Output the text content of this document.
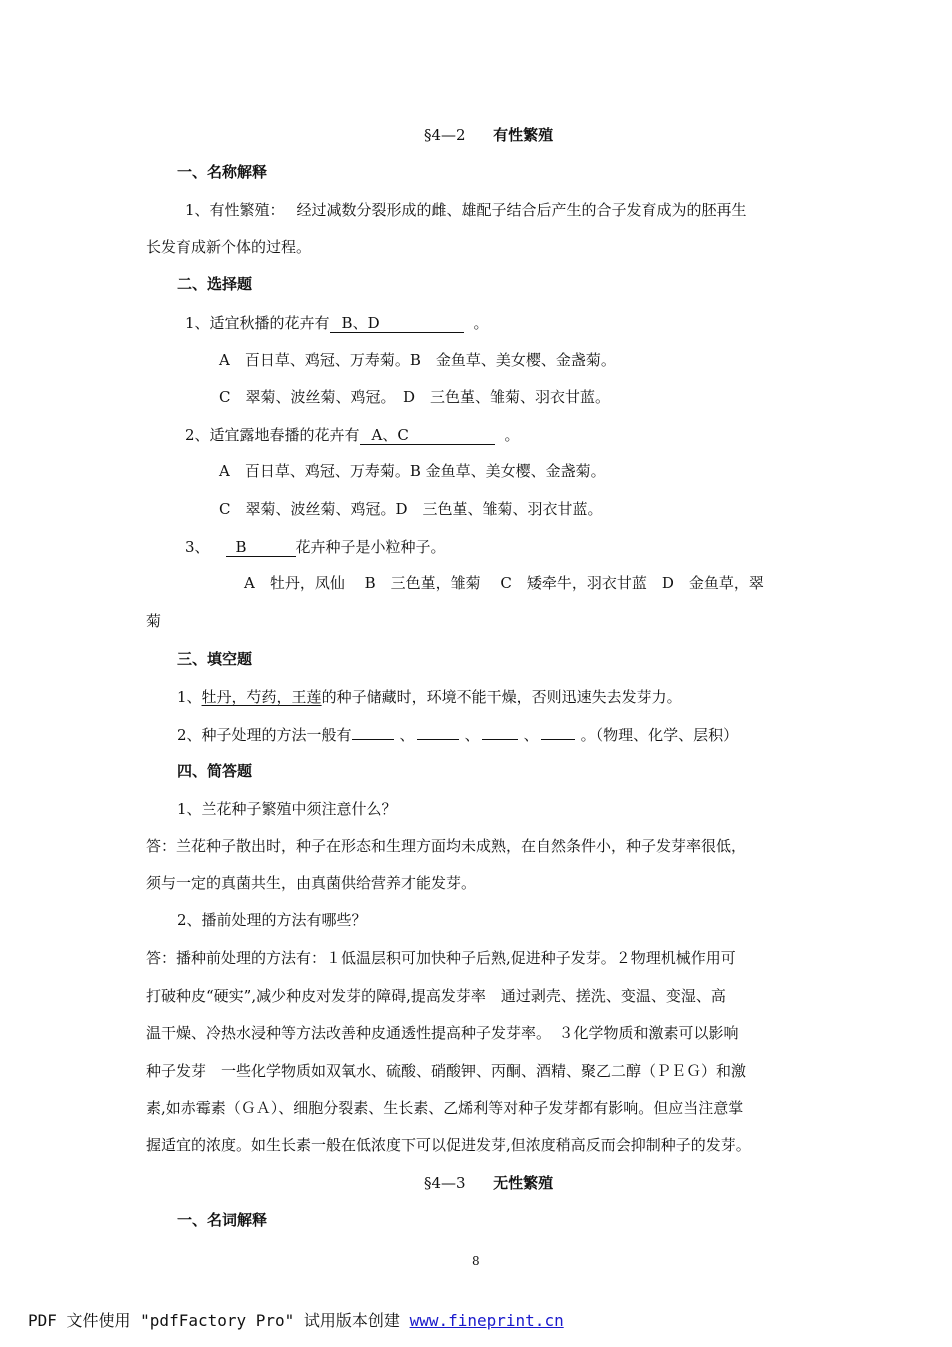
§4—2 有性繁殖
一、名称解释
1、有性繁殖： 经过减数分裂形成的雌、雄配子结合后产生的合子发育成为的胚再生
长发育成新个体的过程。
二、选择题
1、适宜秋播的花卉有 B、D	。
A　百日草、鸡冠、万寿菊。B　金鱼草、美女樱、金盏菊。
C　翠菊、波丝菊、鸡冠。　D　三色堇、雏菊、羽衣甘蓝。
2、适宜露地春播的花卉有 A、C	。
A　百日草、鸡冠、万寿菊。B 金鱼草、美女樱、金盏菊。
C　翠菊、波丝菊、鸡冠。D　三色堇、雏菊、羽衣甘蓝。
3、 B	花卉种子是小粒种子。
A　牡丹，凤仙　 B　三色堇，雏菊　 C　矮牵牛，羽衣甘蓝　D　金鱼草，翠
菊
三、填空题
1、牡丹，芍药，王莲的种子储藏时，环境不能干燥，否则迅速失去发芽力。
2、种子处理的方法一般有	、	、	、	。（物理、化学、层积）
四、简答题
1、兰花种子繁殖中须注意什么？
答：兰花种子散出时，种子在形态和生理方面均未成熟，在自然条件小，种子发芽率很低，
须与一定的真菌共生，由真菌供给营养才能发芽。
2、播前处理的方法有哪些？
答：播种前处理的方法有：１低温层积可加快种子后熟,促进种子发芽。２物理机械作用可
打破种皮“硬实”,减少种皮对发芽的障碍,提高发芽率　通过剥壳、搓洗、变温、变湿、高
温干燥、冷热水浸种等方法改善种皮通透性提高种子发芽率。　３化学物质和激素可以影响
种子发芽　一些化学物质如双氧水、硫酸、硝酸钾、丙酮、酒精、聚乙二醇（ＰＥＧ）和激
素,如赤霉素（ＧＡ）、细胞分裂素、生长素、乙烯利等对种子发芽都有影响。但应当注意掌
握适宜的浓度。如生长素一般在低浓度下可以促进发芽,但浓度稍高反而会抑制种子的发芽。
§4—3 无性繁殖
一、名词解释
8
PDF 文件使用 "pdfFactory Pro" 试用版本创建 www.fineprint.cn
